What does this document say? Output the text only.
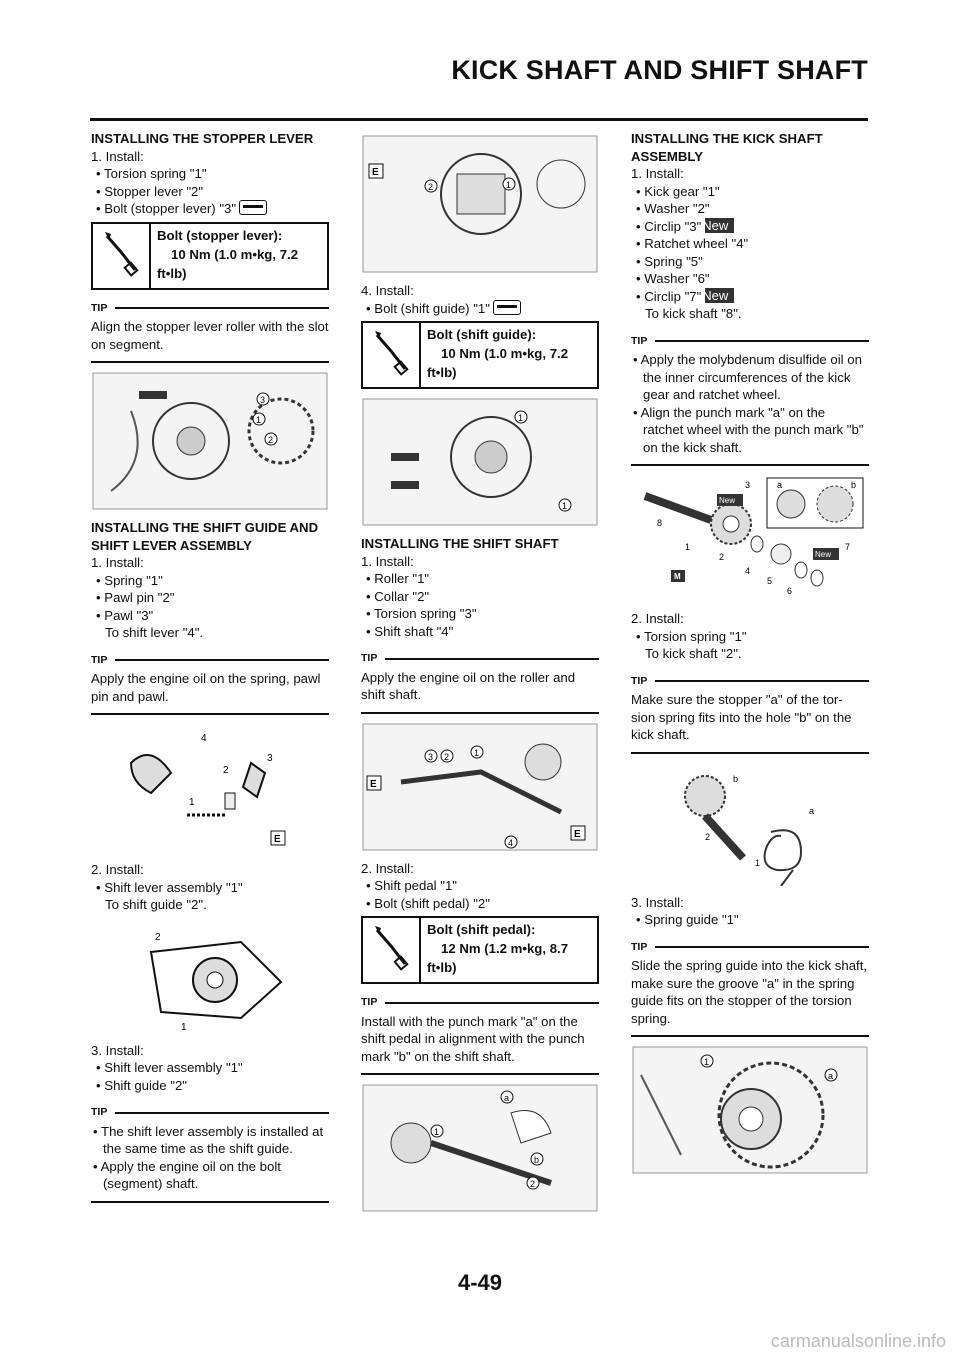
KICK SHAFT AND SHIFT SHAFT
INSTALLING THE STOPPER LEVER
1. Install:
• Torsion spring "1"
• Stopper lever "2"
• Bolt (stopper lever) "3"
Bolt (stopper lever):
10 Nm (1.0 m•kg, 7.2
ft•lb)
TIP
Align the stopper lever roller with the slot on segment.
3
1
2
INSTALLING THE SHIFT GUIDE AND SHIFT LEVER ASSEMBLY
1. Install:
• Spring "1"
• Pawl pin "2"
• Pawl "3"
To shift lever "4".
TIP
Apply the engine oil on the spring, pawl pin and pawl.
E
4
2
3
1
2. Install:
• Shift lever assembly "1"
To shift guide "2".
2
1
3. Install:
• Shift lever assembly "1"
• Shift guide "2"
TIP
• The shift lever assembly is installed at the same time as the shift guide.
• Apply the engine oil on the bolt (segment) shaft.
E
2	1
4. Install:
• Bolt (shift guide) "1"
Bolt (shift guide):
10 Nm (1.0 m•kg, 7.2
ft•lb)
1
1
INSTALLING THE SHIFT SHAFT
1. Install:
• Roller "1"
• Collar "2"
• Torsion spring "3"
• Shift shaft "4"
TIP
Apply the engine oil on the roller and shift shaft.
E
E
3 2	1
4
2. Install:
• Shift pedal "1"
• Bolt (shift pedal) "2"
Bolt (shift pedal):
12 Nm (1.2 m•kg, 8.7
ft•lb)
TIP
Install with the punch mark "a" on the shift pedal in alignment with the punch mark "b" on the shift shaft.
a
b
1
2
INSTALLING THE KICK SHAFT ASSEMBLY
1. Install:
• Kick gear "1"
• Washer "2"
• Circlip "3"New
• Ratchet wheel "4"
• Spring "5"
• Washer "6"
• Circlip "7"New
To kick shaft "8".
TIP
• Apply the molybdenum disulfide oil on the inner circumferences of the kick gear and ratchet wheel.
• Align the punch mark "a" on the ratchet wheel with the punch mark "b" on the kick shaft.
New
New
M
8
1
2
3
4
5
6
7
a	b
2. Install:
• Torsion spring "1"
To kick shaft "2".
TIP
Make sure the stopper "a" of the tor- sion spring fits into the hole "b" on the kick shaft.
b
a
2
1
3. Install:
• Spring guide "1"
TIP
Slide the spring guide into the kick shaft, make sure the groove "a" in the spring guide fits on the stopper of the torsion spring.
1
a
4-49
carmanualsonline.info
